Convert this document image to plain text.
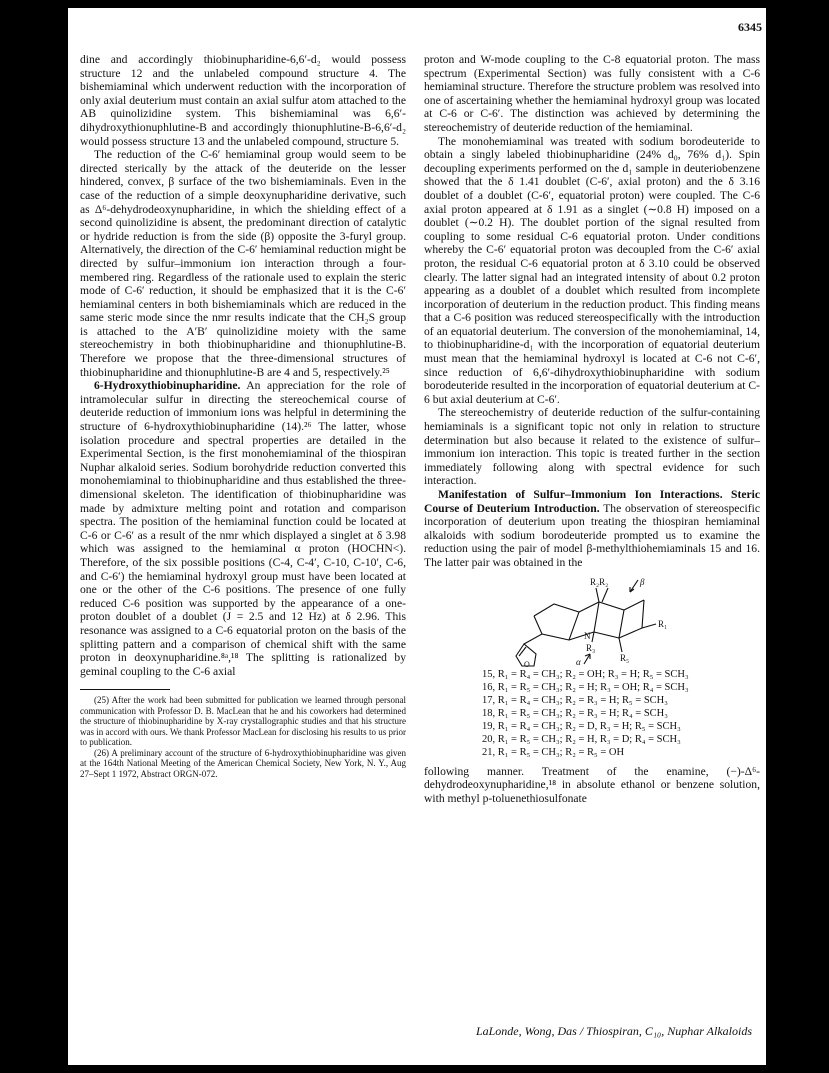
6345

dine and accordingly thiobinupharidine-6,6′-d₂ would possess structure 12 and the unlabeled compound structure 4. The bishemiaminal which underwent reduction with the incorporation of only axial deuterium must contain an axial sulfur atom attached to the AB quinolizidine system. This bishemiaminal was 6,6′-dihydroxythionuphlutine-B and accordingly thionuphlutine-B-6,6′-d₂ would possess structure 13 and the unlabeled compound, structure 5.

The reduction of the C-6′ hemiaminal group would seem to be directed sterically by the attack of the deuteride on the lesser hindered, convex, β surface of the two bishemiaminals. Even in the case of the reduction of a simple deoxynupharidine derivative, such as Δ⁶-dehydrodeoxynupharidine, in which the shielding effect of a second quinolizidine is absent, the predominant direction of catalytic or hydride reduction is from the side (β) opposite the 3-furyl group. Alternatively, the direction of the C-6′ hemiaminal reduction might be directed by sulfur–immonium ion interaction through a four-membered ring. Regardless of the rationale used to explain the steric mode of C-6′ reduction, it should be emphasized that it is the C-6′ hemiaminal centers in both bishemiaminals which are reduced in the same steric mode since the nmr results indicate that the CH₂S group is attached to the A′B′ quinolizidine moiety with the same stereochemistry in both thiobinupharidine and thionuphlutine-B. Therefore we propose that the three-dimensional structures of thiobinupharidine and thionuphlutine-B are 4 and 5, respectively.²⁵

6-Hydroxythiobinupharidine. An appreciation for the role of intramolecular sulfur in directing the stereochemical course of deuteride reduction of immonium ions was helpful in determining the structure of 6-hydroxythiobinupharidine (14).²⁶ The latter, whose isolation procedure and spectral properties are detailed in the Experimental Section, is the first monohemiaminal of the thiospiran Nuphar alkaloid series. Sodium borohydride reduction converted this monohemiaminal to thiobinupharidine and thus established the three-dimensional skeleton. The identification of thiobinupharidine was made by admixture melting point and rotation and comparison spectra. The position of the hemiaminal function could be located at C-6 or C-6′ as a result of the nmr which displayed a singlet at δ 3.98 which was assigned to the hemiaminal α proton (HOCHN<). Therefore, of the six possible positions (C-4, C-4′, C-10, C-10′, C-6, and C-6′) the hemiaminal hydroxyl group must have been located at one or the other of the C-6 positions. The presence of one fully reduced C-6 position was supported by the appearance of a one-proton doublet of a doublet (J = 2.5 and 12 Hz) at δ 2.96. This resonance was assigned to a C-6 equatorial proton on the basis of the splitting pattern and a comparison of chemical shift with the same proton in deoxynupharidine.⁸ᵃ,¹⁸ The splitting is rationalized by geminal coupling to the C-6 axial

(25) After the work had been submitted for publication we learned through personal communication with Professor D. B. MacLean that he and his coworkers had determined the structure of thiobinupharidine by X-ray crystallographic studies and that his structure was in accord with ours. We thank Professor MacLean for disclosing his results to us prior to publication.

(26) A preliminary account of the structure of 6-hydroxythiobinupharidine was given at the 164th National Meeting of the American Chemical Society, New York, N. Y., Aug 27–Sept 1 1972, Abstract ORGN-072.

proton and W-mode coupling to the C-8 equatorial proton. The mass spectrum (Experimental Section) was fully consistent with a C-6 hemiaminal structure. Therefore the structure problem was resolved into one of ascertaining whether the hemiaminal hydroxyl group was located at C-6 or C-6′. The distinction was achieved by determining the stereochemistry of deuteride reduction of the hemiaminal.

The monohemiaminal was treated with sodium borodeuteride to obtain a singly labeled thiobinupharidine (24% d₀, 76% d₁). Spin decoupling experiments performed on the d₁ sample in deuteriobenzene showed that the δ 1.41 doublet (C-6′, axial proton) and the δ 3.16 doublet of a doublet (C-6′, equatorial proton) were coupled. The C-6 axial proton appeared at δ 1.91 as a singlet (∼0.8 H) imposed on a doublet (∼0.2 H). The doublet portion of the signal resulted from coupling to some residual C-6 equatorial proton. Under conditions whereby the C-6′ equatorial proton was decoupled from the C-6′ axial proton, the residual C-6 equatorial proton at δ 3.10 could be observed clearly. The latter signal had an integrated intensity of about 0.2 proton appearing as a doublet of a doublet which resulted from incomplete incorporation of deuterium in the reduction product. This finding means that a C-6 position was reduced stereospecifically with the introduction of an equatorial deuterium. The conversion of the monohemiaminal, 14, to thiobinupharidine-d₁ with the incorporation of equatorial deuterium must mean that the hemiaminal hydroxyl is located at C-6 not C-6′, since reduction of 6,6′-dihydroxythiobinupharidine with sodium borodeuteride resulted in the incorporation of equatorial deuterium at C-6 but axial deuterium at C-6′.

The stereochemistry of deuteride reduction of the sulfur-containing hemiaminals is a significant topic not only in relation to structure determination but also because it related to the existence of sulfur–immonium ion interaction. This topic is treated further in the section immediately following along with spectral evidence for such interaction.

Manifestation of Sulfur–Immonium Ion Interactions. Steric Course of Deuterium Introduction. The observation of stereospecific incorporation of deuterium upon treating the thiospiran hemiaminal alkaloids with sodium borodeuteride prompted us to examine the reduction using the pair of model β-methylthiohemiaminals 15 and 16. The latter pair was obtained in the

R₂R₂	β
R₁
N
R₃
R₅
α
O
15, R₁ = R₄ = CH₃; R₂ = OH; R₃ = H; R₅ = SCH₃
16, R₁ = R₅ = CH₃; R₂ = H; R₃ = OH; R₄ = SCH₃
17, R₁ = R₄ = CH₃; R₂ = R₃ = H; R₅ = SCH₃
18, R₁ = R₅ = CH₃; R₂ = R₃ = H; R₄ = SCH₃
19, R₁ = R₄ = CH₃; R₂ = D, R₃ = H; R₅ = SCH₃
20, R₁ = R₅ = CH₃; R₂ = H, R₃ = D; R₄ = SCH₃
21, R₁ = R₅ = CH₃; R₂ = R₅ = OH

following manner. Treatment of the enamine, (−)-Δ⁶-dehydrodeoxynupharidine,¹⁸ in absolute ethanol or benzene solution, with methyl p-toluenethiosulfonate

LaLonde, Wong, Das / Thiospiran, C₁₀, Nuphar Alkaloids
